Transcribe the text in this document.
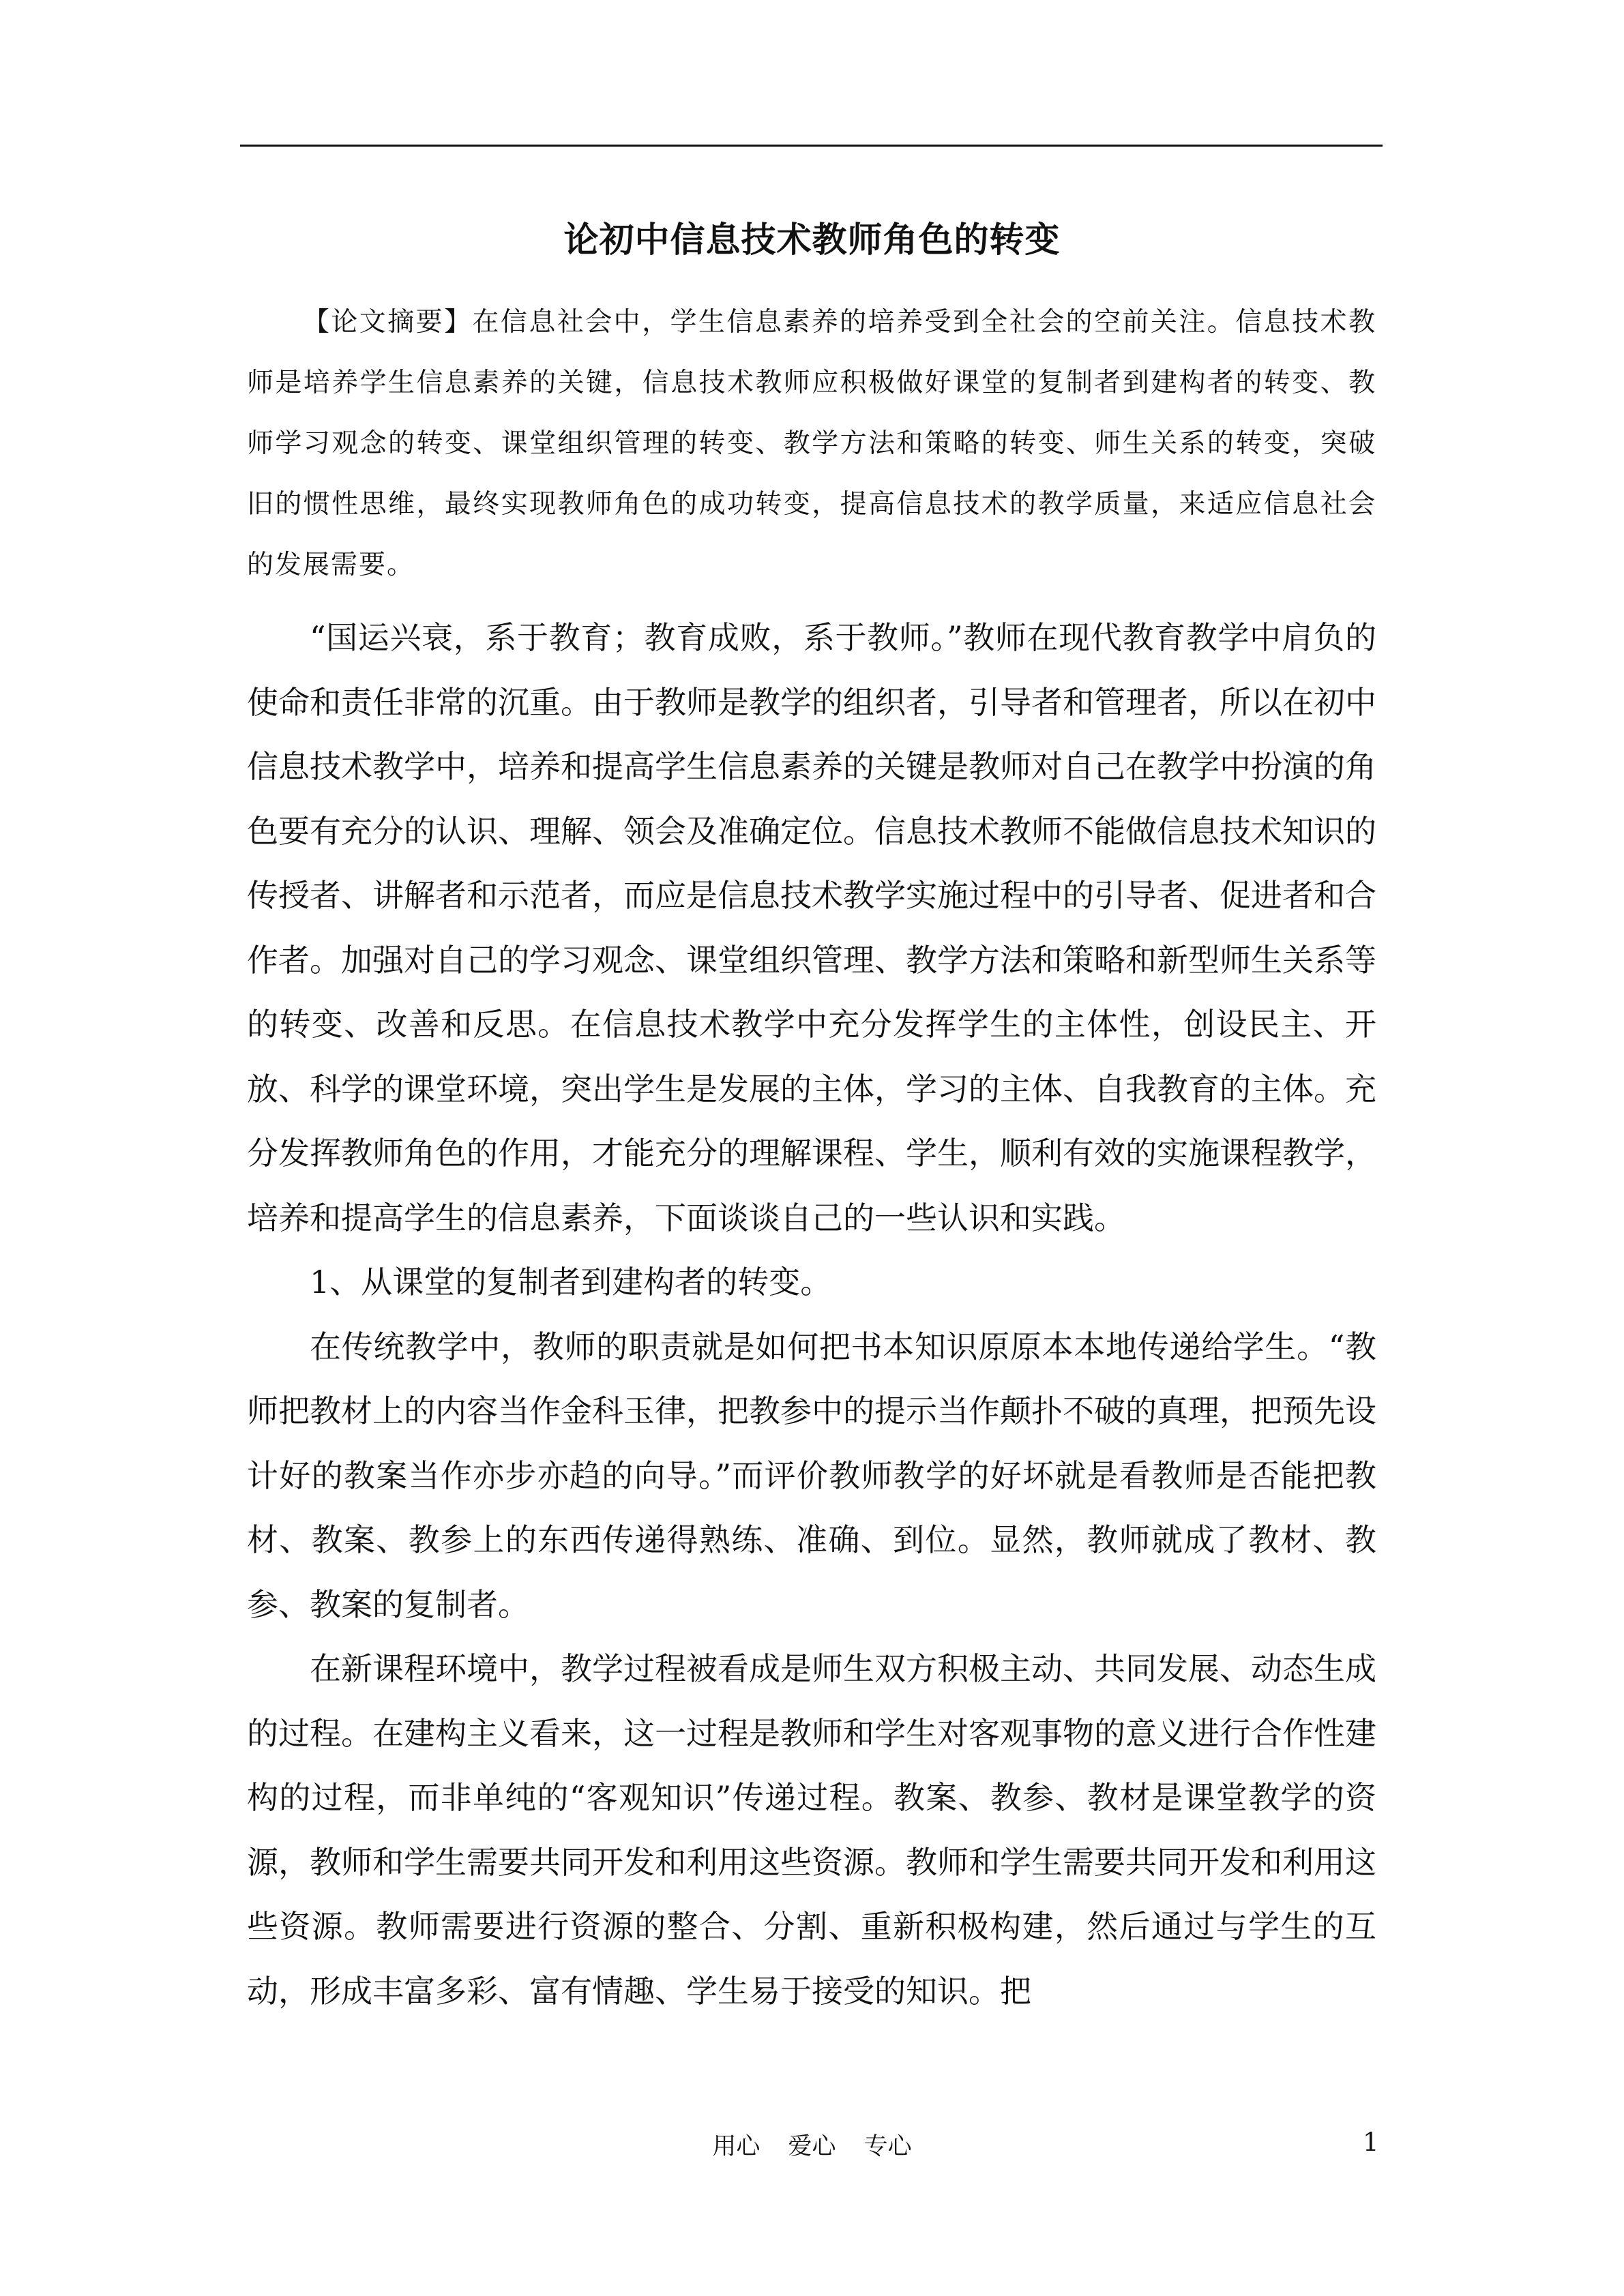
论初中信息技术教师角色的转变
【论文摘要】在信息社会中，学生信息素养的培养受到全社会的空前关注。信息技术教师是培养学生信息素养的关键，信息技术教师应积极做好课堂的复制者到建构者的转变、教师学习观念的转变、课堂组织管理的转变、教学方法和策略的转变、师生关系的转变，突破旧的惯性思维，最终实现教师角色的成功转变，提高信息技术的教学质量，来适应信息社会的发展需要。

“国运兴衰，系于教育；教育成败，系于教师。”教师在现代教育教学中肩负的使命和责任非常的沉重。由于教师是教学的组织者，引导者和管理者，所以在初中信息技术教学中，培养和提高学生信息素养的关键是教师对自己在教学中扮演的角色要有充分的认识、理解、领会及准确定位。信息技术教师不能做信息技术知识的传授者、讲解者和示范者，而应是信息技术教学实施过程中的引导者、促进者和合作者。加强对自己的学习观念、课堂组织管理、教学方法和策略和新型师生关系等的转变、改善和反思。在信息技术教学中充分发挥学生的主体性，创设民主、开放、科学的课堂环境，突出学生是发展的主体，学习的主体、自我教育的主体。充分发挥教师角色的作用，才能充分的理解课程、学生，顺利有效的实施课程教学，培养和提高学生的信息素养，下面谈谈自己的一些认识和实践。

1、从课堂的复制者到建构者的转变。

在传统教学中，教师的职责就是如何把书本知识原原本本地传递给学生。“教师把教材上的内容当作金科玉律，把教参中的提示当作颠扑不破的真理，把预先设计好的教案当作亦步亦趋的向导。”而评价教师教学的好坏就是看教师是否能把教材、教案、教参上的东西传递得熟练、准确、到位。显然，教师就成了教材、教参、教案的复制者。

在新课程环境中，教学过程被看成是师生双方积极主动、共同发展、动态生成的过程。在建构主义看来，这一过程是教师和学生对客观事物的意义进行合作性建构的过程，而非单纯的“客观知识”传递过程。教案、教参、教材是课堂教学的资源，教师和学生需要共同开发和利用这些资源。教师和学生需要共同开发和利用这些资源。教师需要进行资源的整合、分割、重新积极构建，然后通过与学生的互动，形成丰富多彩、富有情趣、学生易于接受的知识。把

用心 爱心 专心	1
